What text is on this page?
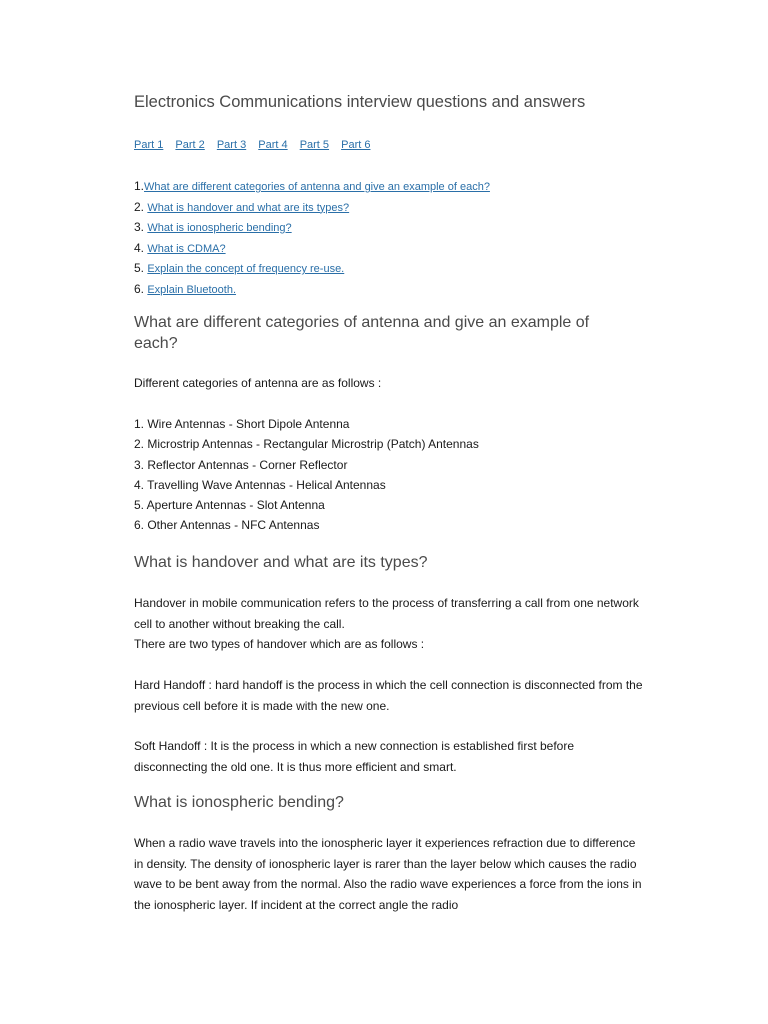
Electronics Communications interview questions and answers
Part 1 Part 2 Part 3 Part 4 Part 5 Part 6
1.What are different categories of antenna and give an example of each?
2. What is handover and what are its types?
3. What is ionospheric bending?
4. What is CDMA?
5. Explain the concept of frequency re-use.
6. Explain Bluetooth.
What are different categories of antenna and give an example of each?

Different categories of antenna are as follows :

1. Wire Antennas - Short Dipole Antenna
2. Microstrip Antennas - Rectangular Microstrip (Patch) Antennas
3. Reflector Antennas - Corner Reflector
4. Travelling Wave Antennas - Helical Antennas
5. Aperture Antennas - Slot Antenna
6. Other Antennas - NFC Antennas
What is handover and what are its types?

Handover in mobile communication refers to the process of transferring a call from one network cell to another without breaking the call.

There are two types of handover which are as follows :

Hard Handoff : hard handoff is the process in which the cell connection is disconnected from the previous cell before it is made with the new one.

Soft Handoff : It is the process in which a new connection is established first before disconnecting the old one. It is thus more efficient and smart.

What is ionospheric bending?

When a radio wave travels into the ionospheric layer it experiences refraction due to difference in density. The density of ionospheric layer is rarer than the layer below which causes the radio wave to be bent away from the normal. Also the radio wave experiences a force from the ions in the ionospheric layer. If incident at the correct angle the radio
